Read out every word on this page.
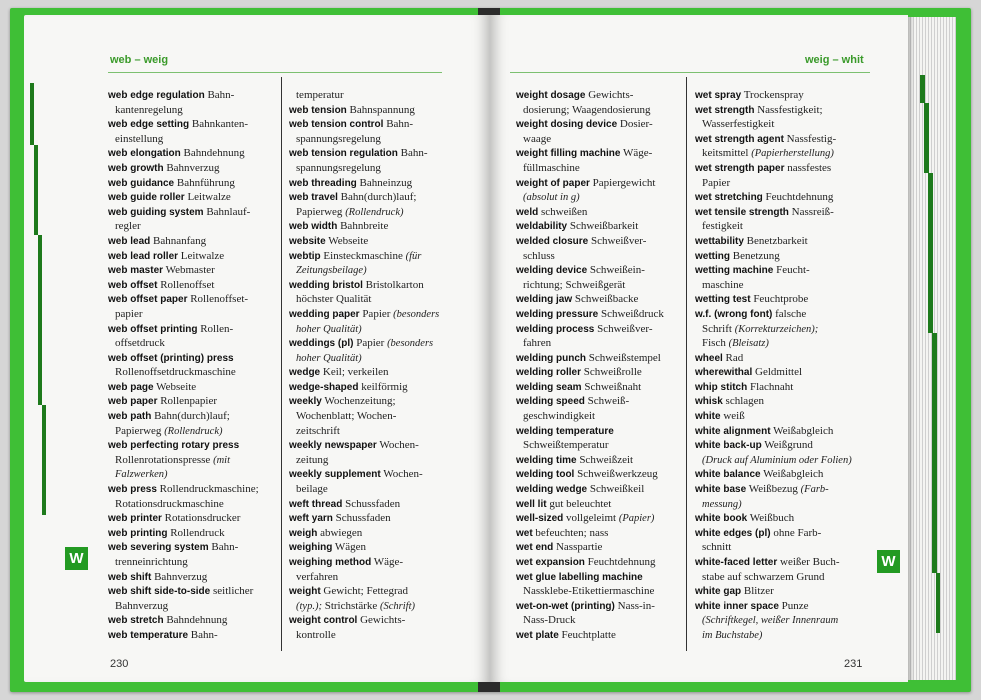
web – weig
web edge regulation Bahn-
kantenregelung
web edge setting Bahnkanten-
einstellung
web elongation Bahndehnung
web growth Bahnverzug
web guidance Bahnführung
web guide roller Leitwalze
web guiding system Bahnlauf-
regler
web lead Bahnanfang
web lead roller Leitwalze
web master Webmaster
web offset Rollenoffset
web offset paper Rollenoffset-
papier
web offset printing Rollen-
offsetdruck
web offset (printing) press
Rollenoffsetdruckmaschine
web page Webseite
web paper Rollenpapier
web path Bahn(durch)lauf;
Papierweg (Rollendruck)
web perfecting rotary press
Rollenrotationspresse (mit
Falzwerken)
web press Rollendruckmaschine;
Rotationsdruckmaschine
web printer Rotationsdrucker
web printing Rollendruck
web severing system Bahn-
trenneinrichtung
web shift Bahnverzug
web shift side-to-side seitlicher
Bahnverzug
web stretch Bahndehnung
web temperature Bahn-
temperatur
web tension Bahnspannung
web tension control Bahn-
spannungsregelung
web tension regulation Bahn-
spannungsregelung
web threading Bahneinzug
web travel Bahn(durch)lauf;
Papierweg (Rollendruck)
web width Bahnbreite
website Webseite
webtip Einsteckmaschine (für
Zeitungsbeilage)
wedding bristol Bristolkarton
höchster Qualität
wedding paper Papier (besonders
hoher Qualität)
weddings (pl) Papier (besonders
hoher Qualität)
wedge Keil; verkeilen
wedge-shaped keilförmig
weekly Wochenzeitung;
Wochenblatt; Wochen-
zeitschrift
weekly newspaper Wochen-
zeitung
weekly supplement Wochen-
beilage
weft thread Schussfaden
weft yarn Schussfaden
weigh abwiegen
weighing Wägen
weighing method Wäge-
verfahren
weight Gewicht; Fettegrad
(typ.); Strichstärke (Schrift)
weight control Gewichts-
kontrolle
W
230
weig – whit
weight dosage Gewichts-
dosierung; Waagendosierung
weight dosing device Dosier-
waage
weight filling machine Wäge-
füllmaschine
weight of paper Papiergewicht
(absolut in g)
weld schweißen
weldability Schweißbarkeit
welded closure Schweißver-
schluss
welding device Schweißein-
richtung; Schweißgerät
welding jaw Schweißbacke
welding pressure Schweißdruck
welding process Schweißver-
fahren
welding punch Schweißstempel
welding roller Schweißrolle
welding seam Schweißnaht
welding speed Schweiß-
geschwindigkeit
welding temperature
Schweißtemperatur
welding time Schweißzeit
welding tool Schweißwerkzeug
welding wedge Schweißkeil
well lit gut beleuchtet
well-sized vollgeleimt (Papier)
wet befeuchten; nass
wet end Nasspartie
wet expansion Feuchtdehnung
wet glue labelling machine
Nassklebe-Etikettiermaschine
wet-on-wet (printing) Nass-in-
Nass-Druck
wet plate Feuchtplatte
wet spray Trockenspray
wet strength Nassfestigkeit;
Wasserfestigkeit
wet strength agent Nassfestig-
keitsmittel (Papierherstellung)
wet strength paper nassfestes
Papier
wet stretching Feuchtdehnung
wet tensile strength Nassreiß-
festigkeit
wettability Benetzbarkeit
wetting Benetzung
wetting machine Feucht-
maschine
wetting test Feuchtprobe
w.f. (wrong font) falsche
Schrift (Korrekturzeichen);
Fisch (Bleisatz)
wheel Rad
wherewithal Geldmittel
whip stitch Flachnaht
whisk schlagen
white weiß
white alignment Weißabgleich
white back-up Weißgrund
(Druck auf Aluminium oder Folien)
white balance Weißabgleich
white base Weißbezug (Farb-
messung)
white book Weißbuch
white edges (pl) ohne Farb-
schnitt
white-faced letter weißer Buch-
stabe auf schwarzem Grund
white gap Blitzer
white inner space Punze
(Schriftkegel, weißer Innenraum
im Buchstabe)
W
231
